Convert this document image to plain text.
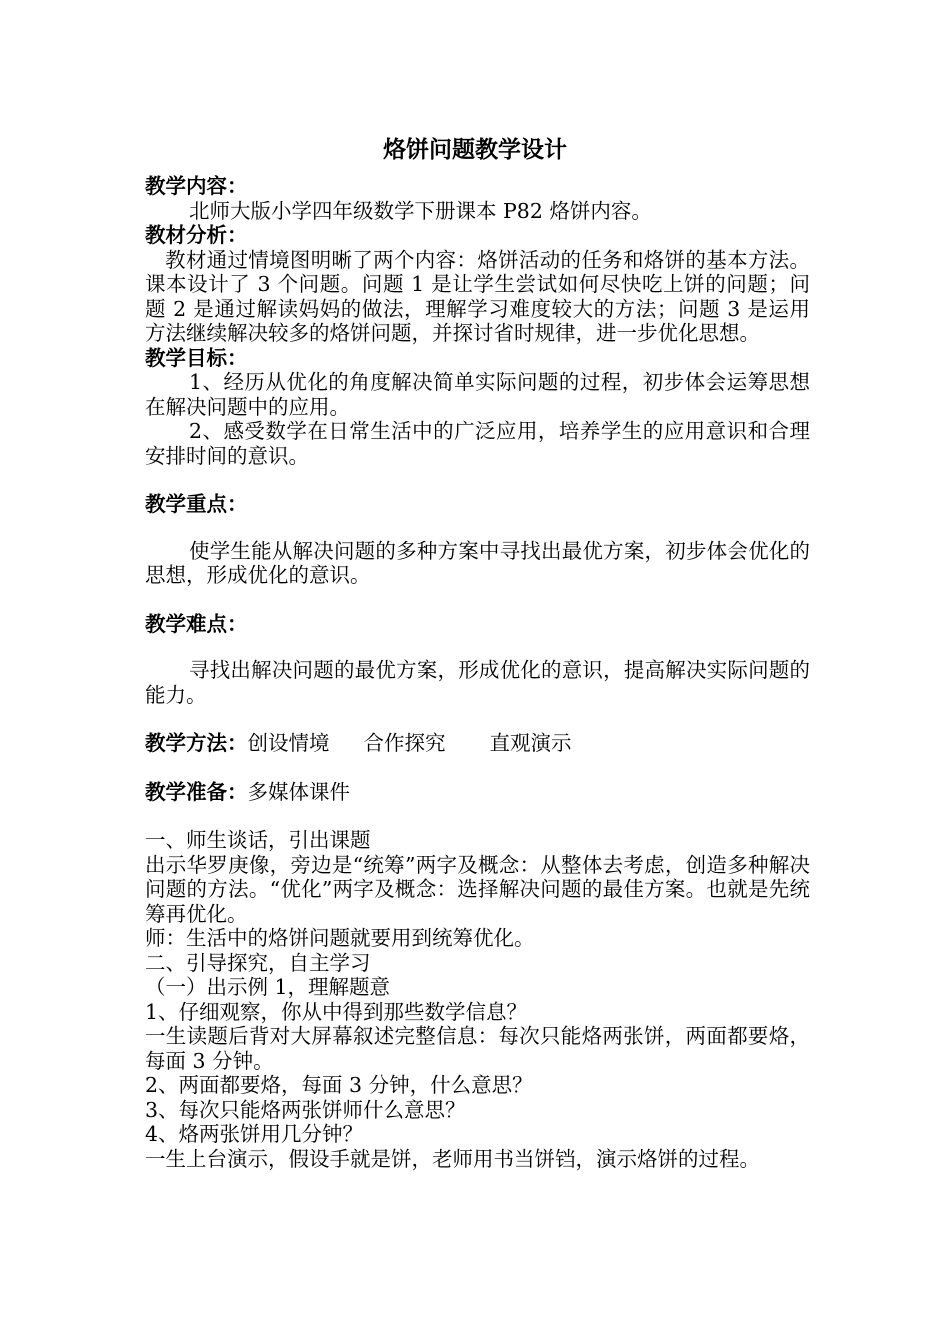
烙饼问题教学设计

教学内容：

北师大版小学四年级数学下册课本 P82 烙饼内容。

教材分析：

教材通过情境图明晰了两个内容：烙饼活动的任务和烙饼的基本方法。课本设计了 3 个问题。问题 1 是让学生尝试如何尽快吃上饼的问题；问题 2 是通过解读妈妈的做法，理解学习难度较大的方法；问题 3 是运用方法继续解决较多的烙饼问题，并探讨省时规律，进一步优化思想。

教学目标：

1、经历从优化的角度解决简单实际问题的过程，初步体会运筹思想在解决问题中的应用。

2、感受数学在日常生活中的广泛应用，培养学生的应用意识和合理安排时间的意识。

教学重点：

使学生能从解决问题的多种方案中寻找出最优方案，初步体会优化的思想，形成优化的意识。

教学难点：

寻找出解决问题的最优方案，形成优化的意识，提高解决实际问题的能力。

教学方法：创设情境 合作探究 直观演示

教学准备：多媒体课件

一、师生谈话，引出课题

出示华罗庚像，旁边是“统筹”两字及概念：从整体去考虑，创造多种解决问题的方法。“优化”两字及概念：选择解决问题的最佳方案。也就是先统筹再优化。

师：生活中的烙饼问题就要用到统筹优化。

二、引导探究，自主学习

（一）出示例 1，理解题意

1、仔细观察，你从中得到那些数学信息？

一生读题后背对大屏幕叙述完整信息：每次只能烙两张饼，两面都要烙，每面 3 分钟。

2、两面都要烙，每面 3 分钟，什么意思？

3、每次只能烙两张饼师什么意思？

4、烙两张饼用几分钟？

一生上台演示，假设手就是饼，老师用书当饼铛，演示烙饼的过程。
